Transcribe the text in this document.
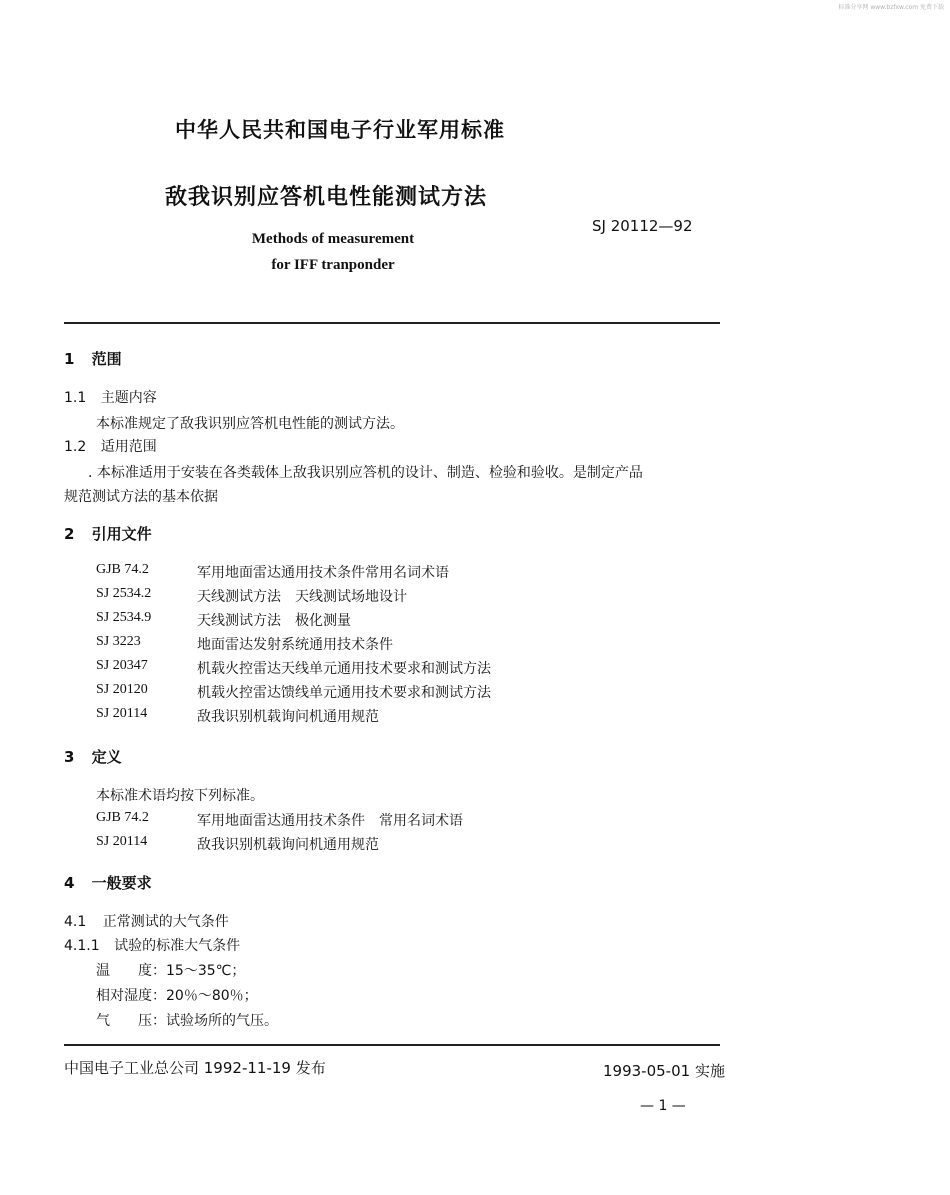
标准分享网 www.bzfxw.com 免费下载
中华人民共和国电子行业军用标准
敌我识别应答机电性能测试方法
Methods of measurement
for IFF tranponder
SJ 20112—92
1 范围
1.1 主题内容
本标准规定了敌我识别应答机电性能的测试方法。
1.2 适用范围
. 本标准适用于安装在各类载体上敌我识别应答机的设计、制造、检验和验收。是制定产品
规范测试方法的基本依据
2 引用文件
GJB 74.2	军用地面雷达通用技术条件常用名词术语
SJ 2534.2	天线测试方法　天线测试场地设计
SJ 2534.9	天线测试方法　极化测量
SJ 3223	地面雷达发射系统通用技术条件
SJ 20347	机载火控雷达天线单元通用技术要求和测试方法
SJ 20120	机载火控雷达馈线单元通用技术要求和测试方法
SJ 20114	敌我识别机载询问机通用规范
3 定义
本标准术语均按下列标准。
GJB 74.2	军用地面雷达通用技术条件　常用名词术语
SJ 20114	敌我识别机载询问机通用规范
4 一般要求
4.1 正常测试的大气条件
4.1.1 试验的标准大气条件
温　　度：15～35℃；
相对湿度：20％～80％；
气　　压：试验场所的气压。
中国电子工业总公司 1992-11-19 发布	1993-05-01 实施
— 1 —
